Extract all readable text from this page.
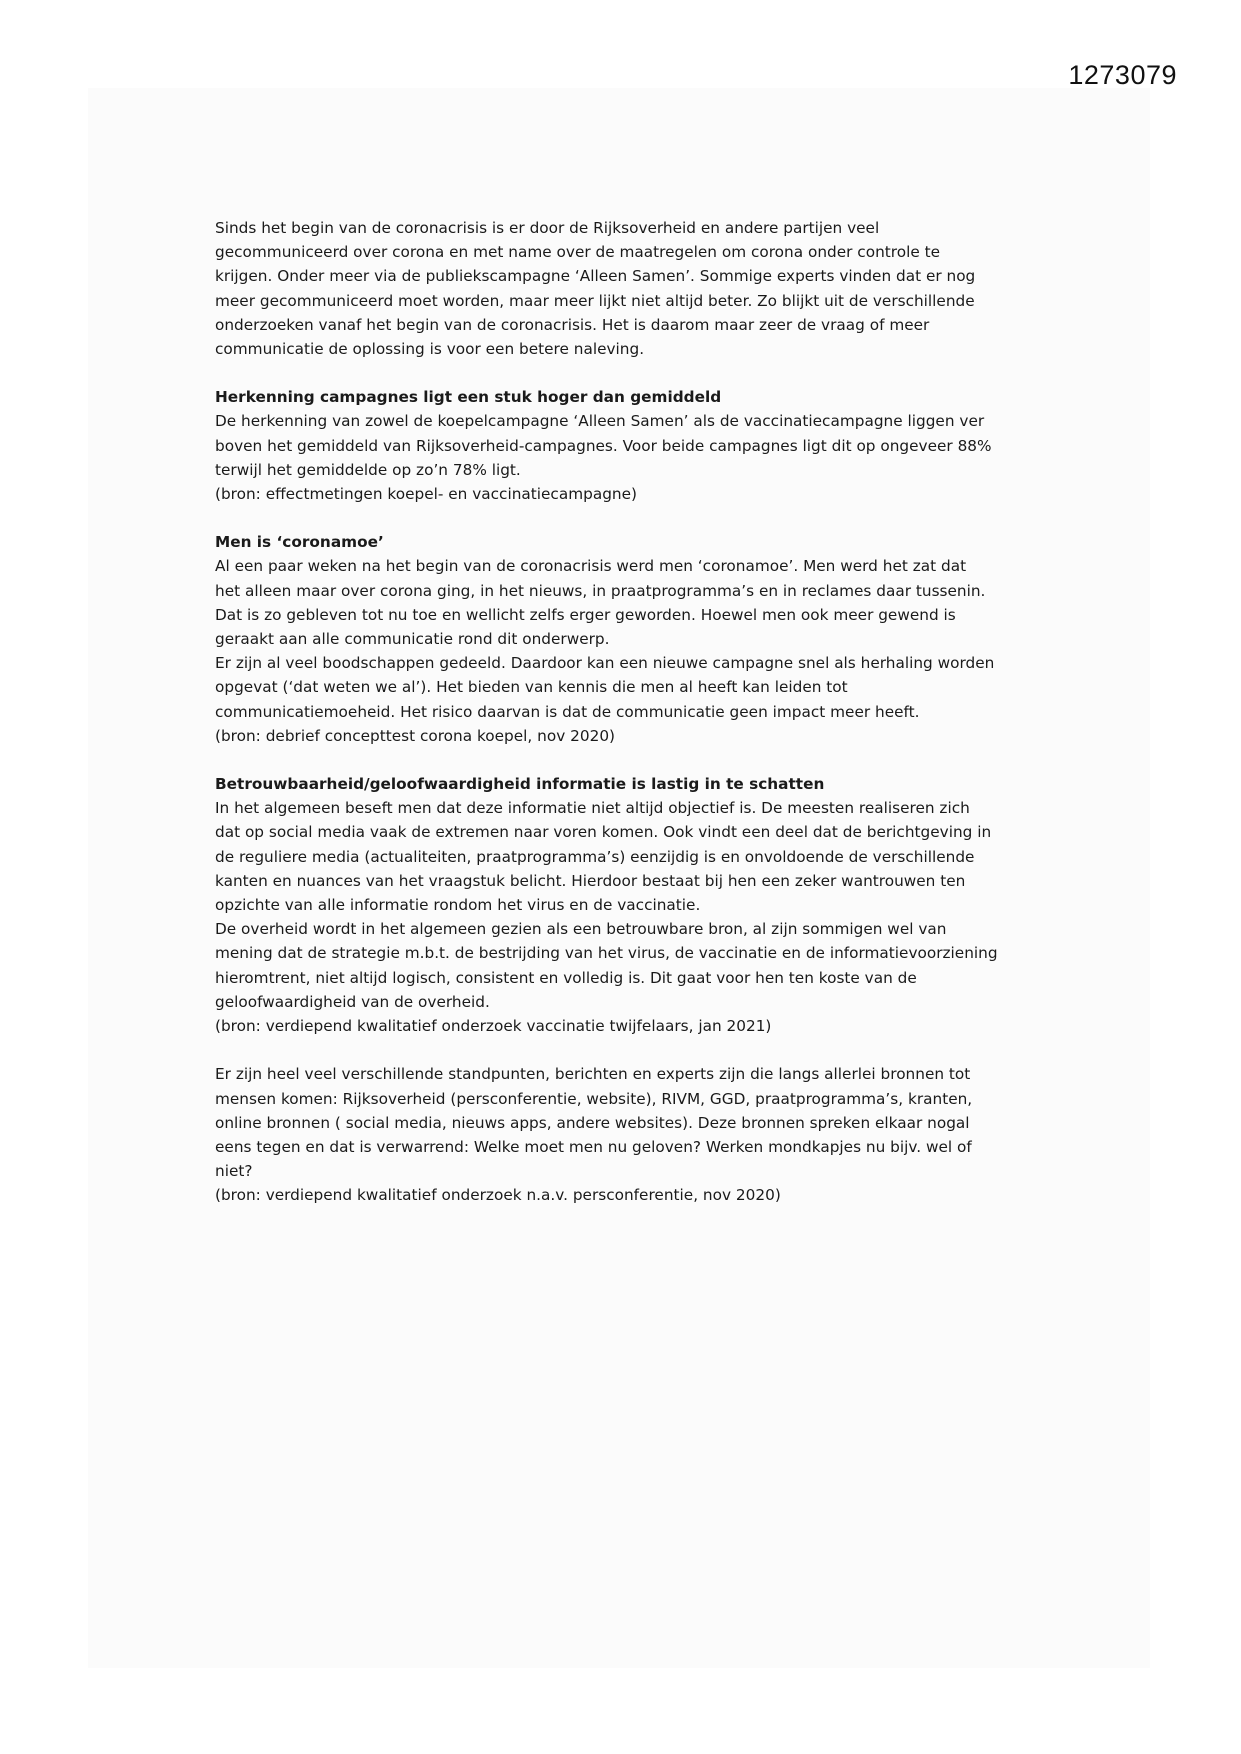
1273079

Sinds het begin van de coronacrisis is er door de Rijksoverheid en andere partijen veel

gecommuniceerd over corona en met name over de maatregelen om corona onder controle te

krijgen. Onder meer via de publiekscampagne ‘Alleen Samen’. Sommige experts vinden dat er nog

meer gecommuniceerd moet worden, maar meer lijkt niet altijd beter. Zo blijkt uit de verschillende

onderzoeken vanaf het begin van de coronacrisis. Het is daarom maar zeer de vraag of meer

communicatie de oplossing is voor een betere naleving.

Herkenning campagnes ligt een stuk hoger dan gemiddeld

De herkenning van zowel de koepelcampagne ‘Alleen Samen’ als de vaccinatiecampagne liggen ver

boven het gemiddeld van Rijksoverheid-campagnes. Voor beide campagnes ligt dit op ongeveer 88%

terwijl het gemiddelde op zo’n 78% ligt.

(bron: effectmetingen koepel- en vaccinatiecampagne)

Men is ‘coronamoe’

Al een paar weken na het begin van de coronacrisis werd men ‘coronamoe’. Men werd het zat dat

het alleen maar over corona ging, in het nieuws, in praatprogramma’s en in reclames daar tussenin.

Dat is zo gebleven tot nu toe en wellicht zelfs erger geworden. Hoewel men ook meer gewend is

geraakt aan alle communicatie rond dit onderwerp.

Er zijn al veel boodschappen gedeeld. Daardoor kan een nieuwe campagne snel als herhaling worden

opgevat (‘dat weten we al’). Het bieden van kennis die men al heeft kan leiden tot

communicatiemoeheid. Het risico daarvan is dat de communicatie geen impact meer heeft.

(bron: debrief concepttest corona koepel, nov 2020)

Betrouwbaarheid/geloofwaardigheid informatie is lastig in te schatten

In het algemeen beseft men dat deze informatie niet altijd objectief is. De meesten realiseren zich

dat op social media vaak de extremen naar voren komen. Ook vindt een deel dat de berichtgeving in

de reguliere media (actualiteiten, praatprogramma’s) eenzijdig is en onvoldoende de verschillende

kanten en nuances van het vraagstuk belicht. Hierdoor bestaat bij hen een zeker wantrouwen ten

opzichte van alle informatie rondom het virus en de vaccinatie.

De overheid wordt in het algemeen gezien als een betrouwbare bron, al zijn sommigen wel van

mening dat de strategie m.b.t. de bestrijding van het virus, de vaccinatie en de informatievoorziening

hieromtrent, niet altijd logisch, consistent en volledig is. Dit gaat voor hen ten koste van de

geloofwaardigheid van de overheid.

(bron: verdiepend kwalitatief onderzoek vaccinatie twijfelaars, jan 2021)

Er zijn heel veel verschillende standpunten, berichten en experts zijn die langs allerlei bronnen tot

mensen komen: Rijksoverheid (persconferentie, website), RIVM, GGD, praatprogramma’s, kranten,

online bronnen ( social media, nieuws apps, andere websites). Deze bronnen spreken elkaar nogal

eens tegen en dat is verwarrend: Welke moet men nu geloven? Werken mondkapjes nu bijv. wel of

niet?

(bron: verdiepend kwalitatief onderzoek n.a.v. persconferentie, nov 2020)
